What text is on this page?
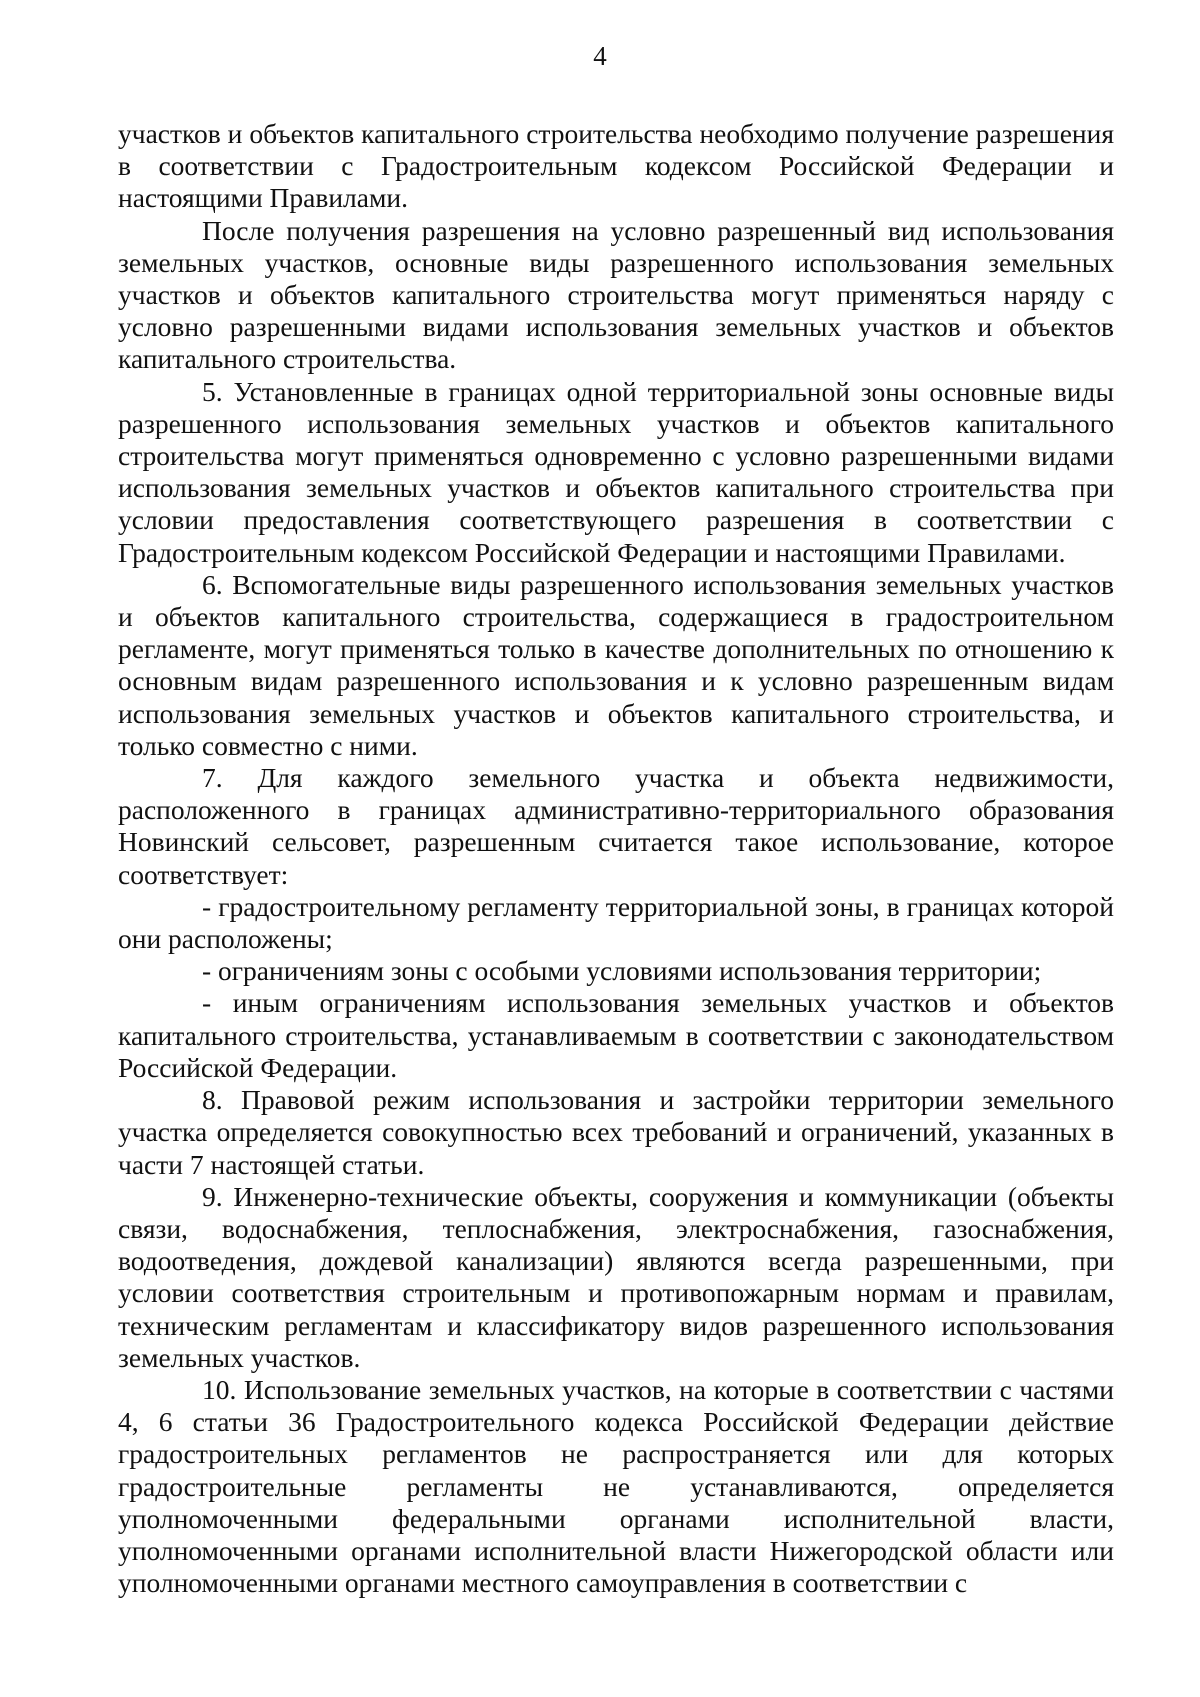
4

участков и объектов капитального строительства необходимо получение разрешения в соответствии с Градостроительным кодексом Российской Федерации и настоящими Правилами.

После получения разрешения на условно разрешенный вид использования земельных участков, основные виды разрешенного использования земельных участков и объектов капитального строительства могут применяться наряду с условно разрешенными видами использования земельных участков и объектов капитального строительства.

5. Установленные в границах одной территориальной зоны основные виды разрешенного использования земельных участков и объектов капитального строительства могут применяться одновременно с условно разрешенными видами использования земельных участков и объектов капитального строительства при условии предоставления соответствующего разрешения в соответствии с Градостроительным кодексом Российской Федерации и настоящими Правилами.

6. Вспомогательные виды разрешенного использования земельных участков и объектов капитального строительства, содержащиеся в градостроительном регламенте, могут применяться только в качестве дополнительных по отношению к основным видам разрешенного использования и к условно разрешенным видам использования земельных участков и объектов капитального строительства, и только совместно с ними.

7. Для каждого земельного участка и объекта недвижимости, расположенного в границах административно-территориального образования Новинский сельсовет, разрешенным считается такое использование, которое соответствует:

- градостроительному регламенту территориальной зоны, в границах которой они расположены;

- ограничениям зоны с особыми условиями использования территории;

- иным ограничениям использования земельных участков и объектов капитального строительства, устанавливаемым в соответствии с законодательством Российской Федерации.

8. Правовой режим использования и застройки территории земельного участка определяется совокупностью всех требований и ограничений, указанных в части 7 настоящей статьи.

9. Инженерно-технические объекты, сооружения и коммуникации (объекты связи, водоснабжения, теплоснабжения, электроснабжения, газоснабжения, водоотведения, дождевой канализации) являются всегда разрешенными, при условии соответствия строительным и противопожарным нормам и правилам, техническим регламентам и классификатору видов разрешенного использования земельных участков.

10. Использование земельных участков, на которые в соответствии с частями 4, 6 статьи 36 Градостроительного кодекса Российской Федерации действие градостроительных регламентов не распространяется или для которых градостроительные регламенты не устанавливаются, определяется уполномоченными федеральными органами исполнительной власти, уполномоченными органами исполнительной власти Нижегородской области или уполномоченными органами местного самоуправления в соответствии с
